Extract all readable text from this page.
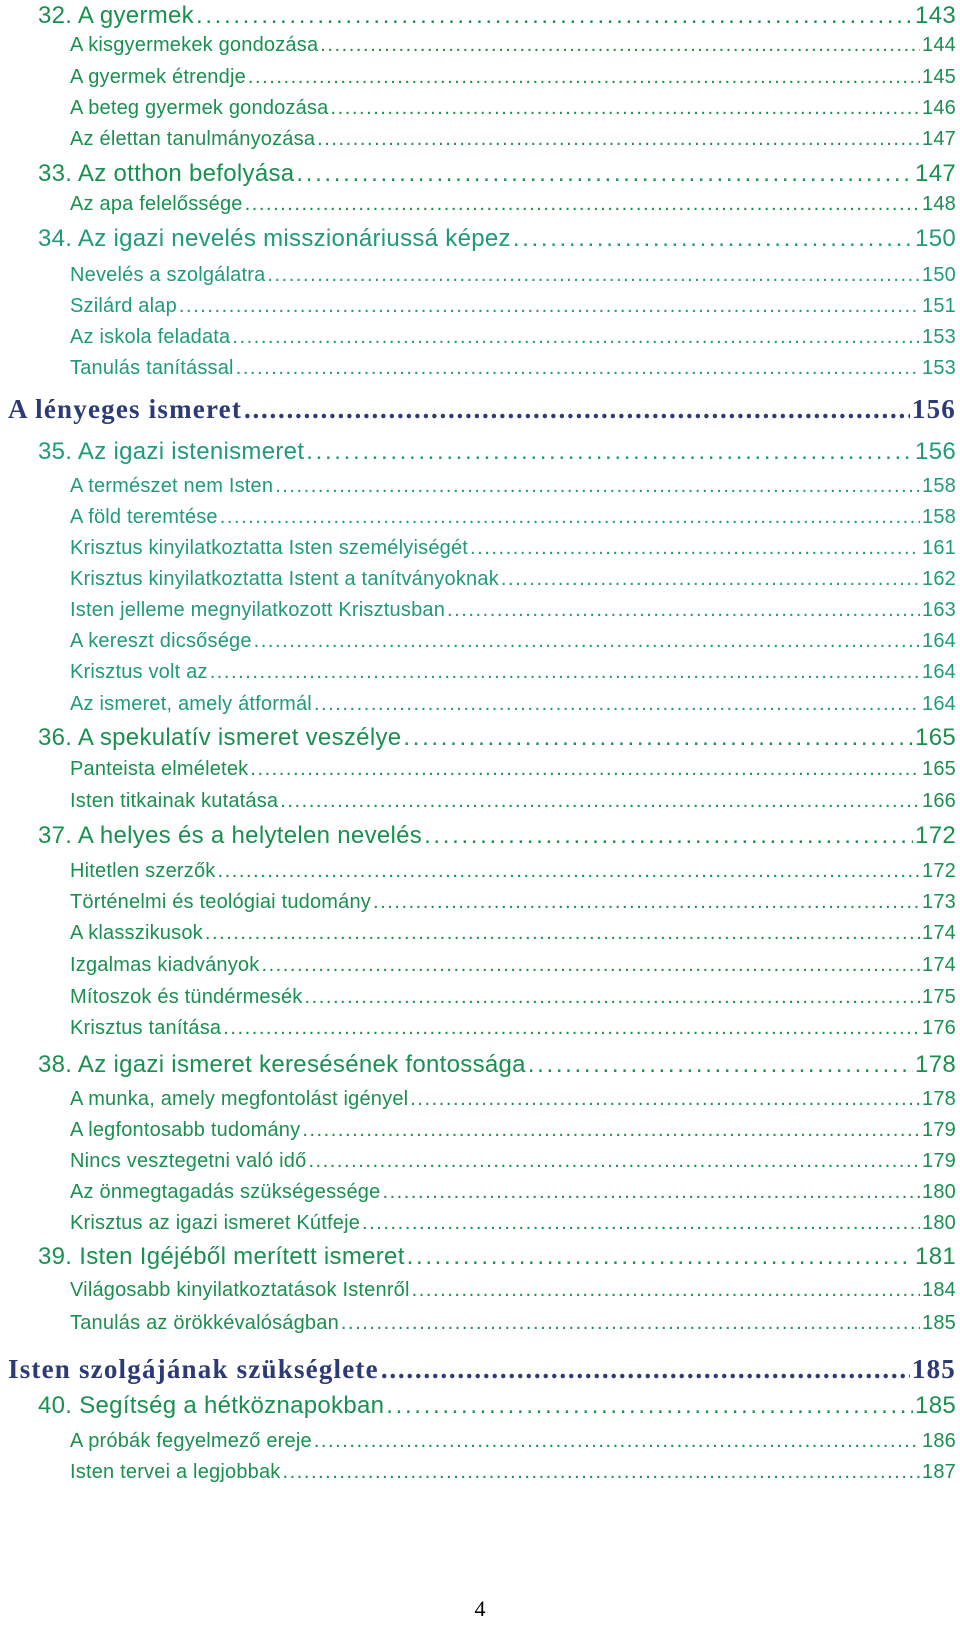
32. A gyermek . . .	143
A kisgyermekek gondozása . . .	144
A gyermek étrendje . . .	145
A beteg gyermek gondozása . . .	146
Az élettan tanulmányozása . . .	147
33. Az otthon befolyása . . .	147
Az apa felelőssége . . .	148
34. Az igazi nevelés misszionáriussá képez . . .	150
Nevelés a szolgálatra . . .	150
Szilárd alap . . .	151
Az iskola feladata . . .	153
Tanulás tanítással . . .	153
A lényeges ismeret . . .	156
35. Az igazi istenismeret . . .	156
A természet nem Isten . . .	158
A föld teremtése . . .	158
Krisztus kinyilatkoztatta Isten személyiségét . . .	161
Krisztus kinyilatkoztatta Istent a tanítványoknak . . .	162
Isten jelleme megnyilatkozott Krisztusban . . .	163
A kereszt dicsősége . . .	164
Krisztus volt az . . .	164
Az ismeret, amely átformál . . .	164
36. A spekulatív ismeret veszélye . . .	165
Panteista elméletek . . .	165
Isten titkainak kutatása . . .	166
37. A helyes és a helytelen nevelés . . .	172
Hitetlen szerzők . . .	172
Történelmi és teológiai tudomány . . .	173
A klasszikusok . . .	174
Izgalmas kiadványok . . .	174
Mítoszok és tündérmesék . . .	175
Krisztus tanítása . . .	176
38. Az igazi ismeret keresésének fontossága . . .	178
A munka, amely megfontolást igényel . . .	178
A legfontosabb tudomány . . .	179
Nincs vesztegetni való idő . . .	179
Az önmegtagadás szükségessége . . .	180
Krisztus az igazi ismeret Kútfeje . . .	180
39. Isten Igéjéből merített ismeret . . .	181
Világosabb kinyilatkoztatások Istenről . . .	184
Tanulás az örökkévalóságban . . .	185
Isten szolgájának szükséglete . . .	185
40. Segítség a hétköznapokban . . .	185
A próbák fegyelmező ereje . . .	186
Isten tervei a legjobbak . . .	187
4
